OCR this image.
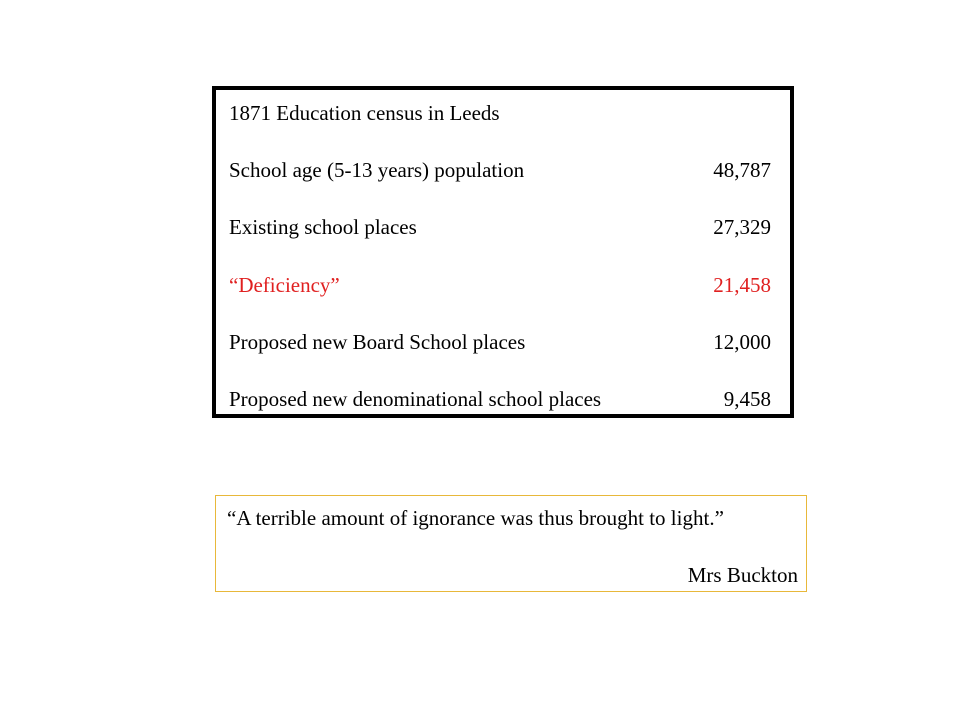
1871 Education census in Leeds
School age (5-13 years) population	48,787
Existing school places	27,329
“Deficiency”	21,458
Proposed new Board School places	12,000
Proposed new denominational school places	9,458
“A terrible amount of ignorance was thus brought to light.”
Mrs Buckton
